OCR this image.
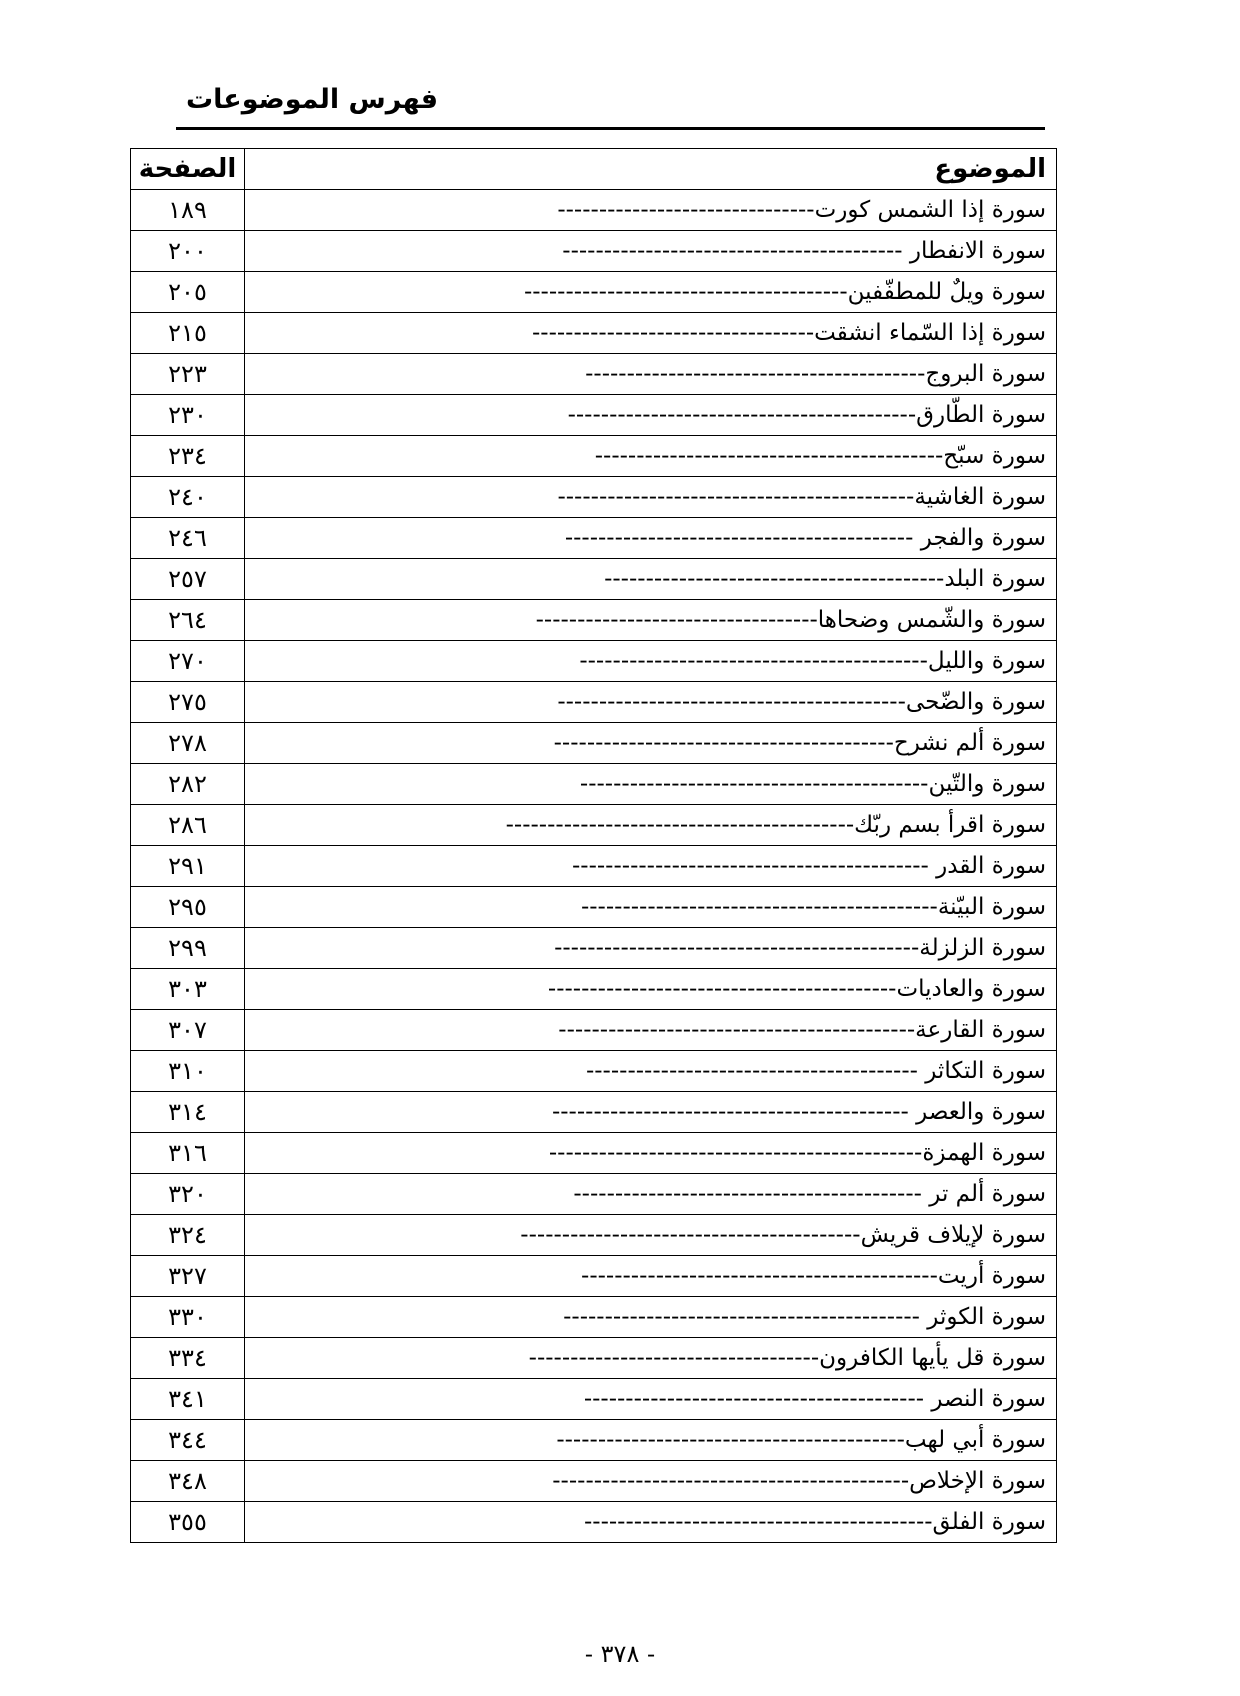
فهرس الموضوعات
الصفحة	الموضوع
١٨٩	سورة إذا الشمس كورت-------------------------------
٢٠٠	سورة الانفطار -----------------------------------------
٢٠٥	سورة ويلٌ للمطفّفين---------------------------------------
٢١٥	سورة إذا السّماء انشقت----------------------------------
٢٢٣	سورة البروج-----------------------------------------
٢٣٠	سورة الطّارق------------------------------------------
٢٣٤	سورة سبّح------------------------------------------
٢٤٠	سورة الغاشية-------------------------------------------
٢٤٦	سورة والفجر ------------------------------------------
٢٥٧	سورة البلد-----------------------------------------
٢٦٤	سورة والشّمس وضحاها----------------------------------
٢٧٠	سورة والليل------------------------------------------
٢٧٥	سورة والضّحى------------------------------------------
٢٧٨	سورة ألم نشرح-----------------------------------------
٢٨٢	سورة والتّين------------------------------------------
٢٨٦	سورة اقرأ بسم ربّك------------------------------------------
٢٩١	سورة القدر -------------------------------------------
٢٩٥	سورة البيّنة-------------------------------------------
٢٩٩	سورة الزلزلة--------------------------------------------
٣٠٣	سورة والعاديات------------------------------------------
٣٠٧	سورة القارعة-------------------------------------------
٣١٠	سورة التكاثر ----------------------------------------
٣١٤	سورة والعصر -------------------------------------------
٣١٦	سورة الهمزة---------------------------------------------
٣٢٠	سورة ألم تر ------------------------------------------
٣٢٤	سورة لإيلاف قريش-----------------------------------------
٣٢٧	سورة أريت-------------------------------------------
٣٣٠	سورة الكوثر -------------------------------------------
٣٣٤	سورة قل يأيها الكافرون-----------------------------------
٣٤١	سورة النصر -----------------------------------------
٣٤٤	سورة أبي لهب------------------------------------------
٣٤٨	سورة الإخلاص-------------------------------------------
٣٥٥	سورة الفلق------------------------------------------
- ٣٧٨ -
